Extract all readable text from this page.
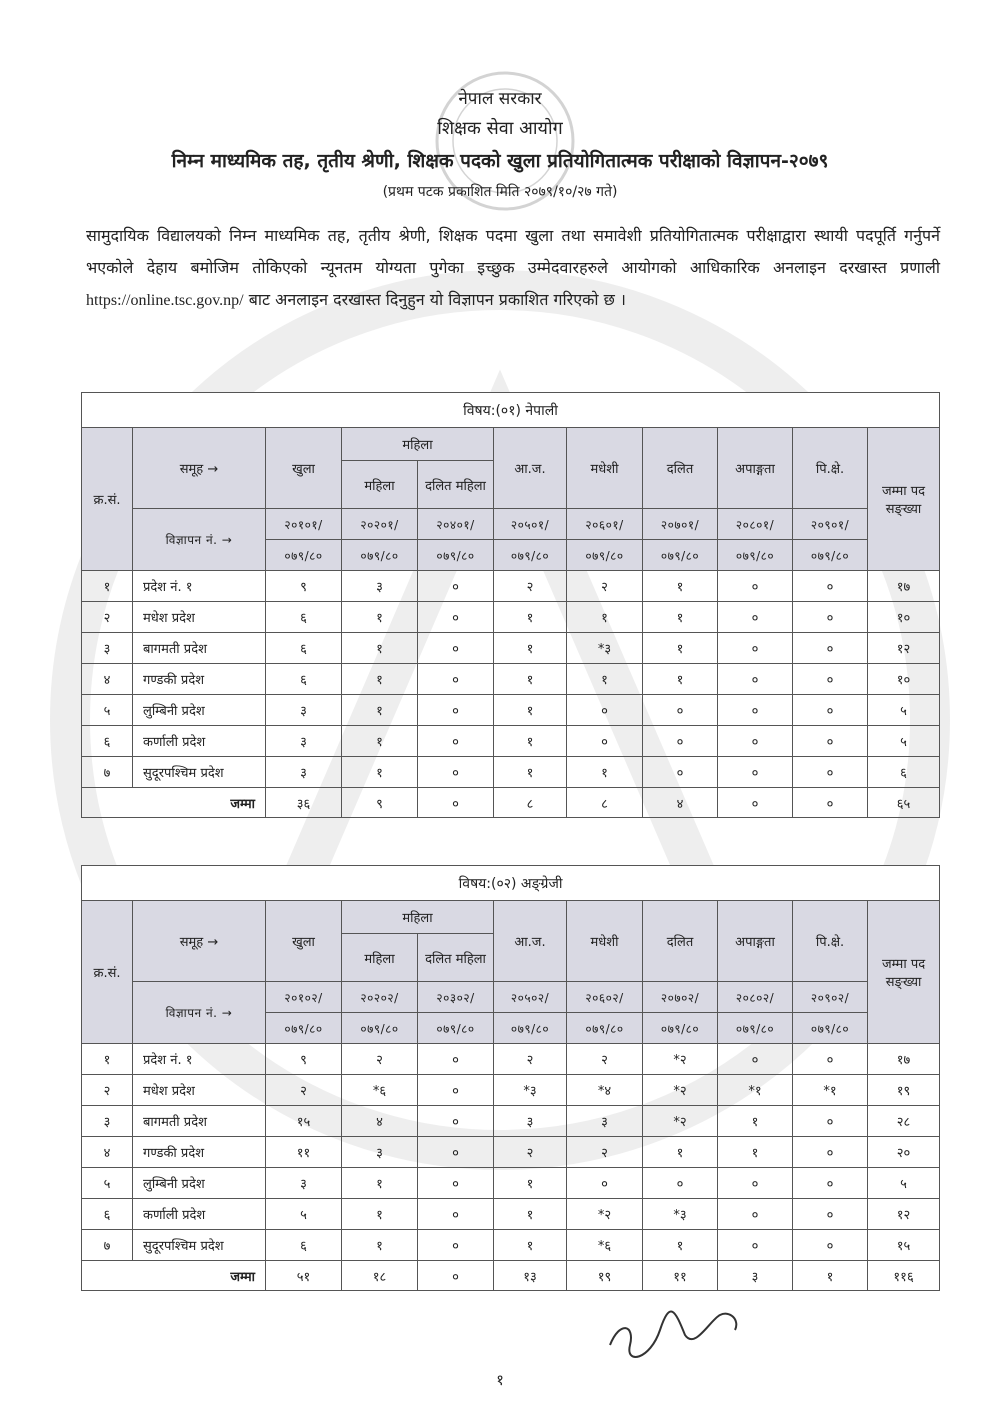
नेपाल सरकार
शिक्षक सेवा आयोग
निम्न माध्यमिक तह, तृतीय श्रेणी, शिक्षक पदको खुला प्रतियोगितात्मक परीक्षाको विज्ञापन-२०७९
(प्रथम पटक प्रकाशित मिति २०७९/१०/२७ गते)
सामुदायिक विद्यालयको निम्न माध्यमिक तह, तृतीय श्रेणी, शिक्षक पदमा खुला तथा समावेशी प्रतियोगितात्मक परीक्षाद्वारा स्थायी पदपूर्ति गर्नुपर्ने भएकोले देहाय बमोजिम तोकिएको न्यूनतम योग्यता पुगेका इच्छुक उम्मेदवारहरुले आयोगको आधिकारिक अनलाइन दरखास्त प्रणाली https://online.tsc.gov.np/ बाट अनलाइन दरखास्त दिनुहुन यो विज्ञापन प्रकाशित गरिएको छ ।
विषय:(०१) नेपाली										
क्र.सं.	समूह →	खुला	महिला		आ.ज.	मधेशी	दलित	अपाङ्गता	पि.क्षे.	जम्मा पद सङ्ख्या
			महिला	दलित महिला						
	विज्ञापन नं. →	२०१०१/	२०२०१/	२०४०१/	२०५०१/	२०६०१/	२०७०१/	२०८०१/	२०९०१/	
		०७९/८०	०७९/८०	०७९/८०	०७९/८०	०७९/८०	०७९/८०	०७९/८०	०७९/८०	
१	प्रदेश नं. १	९	३	०	२	२	१	०	०	१७
२	मधेश प्रदेश	६	१	०	१	१	१	०	०	१०
३	बागमती प्रदेश	६	१	०	१	*३	१	०	०	१२
४	गण्डकी प्रदेश	६	१	०	१	१	१	०	०	१०
५	लुम्बिनी प्रदेश	३	१	०	१	०	०	०	०	५
६	कर्णाली प्रदेश	३	१	०	१	०	०	०	०	५
७	सुदूरपश्चिम प्रदेश	३	१	०	१	१	०	०	०	६
जम्मा		३६	९	०	८	८	४	०	०	६५
विषय:(०२) अङ्ग्रेजी										
क्र.सं.	समूह →	खुला	महिला		आ.ज.	मधेशी	दलित	अपाङ्गता	पि.क्षे.	जम्मा पद सङ्ख्या
			महिला	दलित महिला						
	विज्ञापन नं. →	२०१०२/	२०२०२/	२०३०२/	२०५०२/	२०६०२/	२०७०२/	२०८०२/	२०९०२/	
		०७९/८०	०७९/८०	०७९/८०	०७९/८०	०७९/८०	०७९/८०	०७९/८०	०७९/८०	
१	प्रदेश नं. १	९	२	०	२	२	*२	०	०	१७
२	मधेश प्रदेश	२	*६	०	*३	*४	*२	*१	*१	१९
३	बागमती प्रदेश	१५	४	०	३	३	*२	१	०	२८
४	गण्डकी प्रदेश	११	३	०	२	२	१	१	०	२०
५	लुम्बिनी प्रदेश	३	१	०	१	०	०	०	०	५
६	कर्णाली प्रदेश	५	१	०	१	*२	*३	०	०	१२
७	सुदूरपश्चिम प्रदेश	६	१	०	१	*६	१	०	०	१५
जम्मा		५१	१८	०	१३	१९	११	३	१	११६
१
